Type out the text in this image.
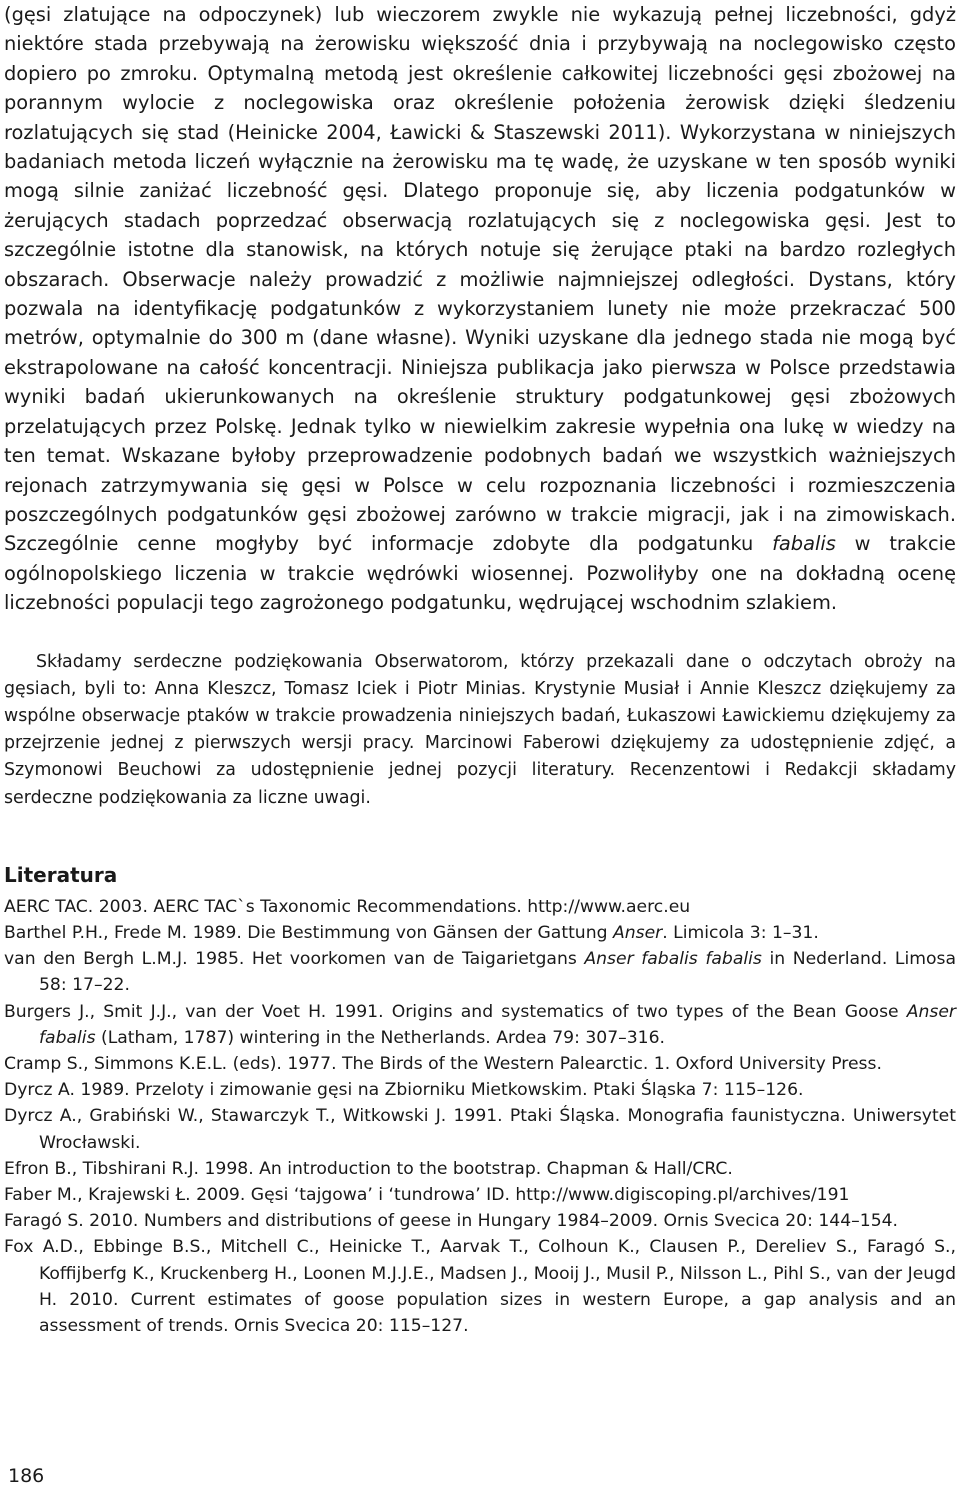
(gęsi zlatujące na odpoczynek) lub wieczorem zwykle nie wykazują pełnej liczebności, gdyż niektóre stada przebywają na żerowisku większość dnia i przybywają na noclegowisko często dopiero po zmroku. Optymalną metodą jest określenie całkowitej liczebności gęsi zbożowej na porannym wylocie z noclegowiska oraz określenie położenia żerowisk dzięki śledzeniu rozlatujących się stad (Heinicke 2004, Ławicki & Staszewski 2011). Wykorzystana w niniejszych badaniach metoda liczeń wyłącznie na żerowisku ma tę wadę, że uzyskane w ten sposób wyniki mogą silnie zaniżać liczebność gęsi. Dlatego proponuje się, aby liczenia podgatunków w żerujących stadach poprzedzać obserwacją rozlatujących się z noclegowiska gęsi. Jest to szczególnie istotne dla stanowisk, na których notuje się żerujące ptaki na bardzo rozległych obszarach. Obserwacje należy prowadzić z możliwie najmniejszej odległości. Dystans, który pozwala na identyfikację podgatunków z wykorzystaniem lunety nie może przekraczać 500 metrów, optymalnie do 300 m (dane własne). Wyniki uzyskane dla jednego stada nie mogą być ekstrapolowane na całość koncentracji. Niniejsza publikacja jako pierwsza w Polsce przedstawia wyniki badań ukierunkowanych na określenie struktury podgatunkowej gęsi zbożowych przelatujących przez Polskę. Jednak tylko w niewielkim zakresie wypełnia ona lukę w wiedzy na ten temat. Wskazane byłoby przeprowadzenie podobnych badań we wszystkich ważniejszych rejonach zatrzymywania się gęsi w Polsce w celu rozpoznania liczebności i rozmieszczenia poszczególnych podgatunków gęsi zbożowej zarówno w trakcie migracji, jak i na zimowiskach. Szczególnie cenne mogłyby być informacje zdobyte dla podgatunku fabalis w trakcie ogólnopolskiego liczenia w trakcie wędrówki wiosennej. Pozwoliłyby one na dokładną ocenę liczebności populacji tego zagrożonego podgatunku, wędrującej wschodnim szlakiem.

Składamy serdeczne podziękowania Obserwatorom, którzy przekazali dane o odczytach obroży na gęsiach, byli to: Anna Kleszcz, Tomasz Iciek i Piotr Minias. Krystynie Musiał i Annie Kleszcz dziękujemy za wspólne obserwacje ptaków w trakcie prowadzenia niniejszych badań, Łukaszowi Ławickiemu dziękujemy za przejrzenie jednej z pierwszych wersji pracy. Marcinowi Faberowi dziękujemy za udostępnienie zdjęć, a Szymonowi Beuchowi za udostępnienie jednej pozycji literatury. Recenzentowi i Redakcji składamy serdeczne podziękowania za liczne uwagi.

Literatura
AERC TAC. 2003. AERC TAC`s Taxonomic Recommendations. http://www.aerc.eu
Barthel P.H., Frede M. 1989. Die Bestimmung von Gänsen der Gattung Anser. Limicola 3: 1–31.
van den Bergh L.M.J. 1985. Het voorkomen van de Taigarietgans Anser fabalis fabalis in Nederland. Limosa 58: 17–22.
Burgers J., Smit J.J., van der Voet H. 1991. Origins and systematics of two types of the Bean Goose Anser fabalis (Latham, 1787) wintering in the Netherlands. Ardea 79: 307–316.
Cramp S., Simmons K.E.L. (eds). 1977. The Birds of the Western Palearctic. 1. Oxford University Press.
Dyrcz A. 1989. Przeloty i zimowanie gęsi na Zbiorniku Mietkowskim. Ptaki Śląska 7: 115–126.
Dyrcz A., Grabiński W., Stawarczyk T., Witkowski J. 1991. Ptaki Śląska. Monografia faunistyczna. Uniwersytet Wrocławski.
Efron B., Tibshirani R.J. 1998. An introduction to the bootstrap. Chapman & Hall/CRC.
Faber M., Krajewski Ł. 2009. Gęsi ‘tajgowa’ i ‘tundrowa’ ID. http://www.digiscoping.pl/archives/191
Faragó S. 2010. Numbers and distributions of geese in Hungary 1984–2009. Ornis Svecica 20: 144–154.
Fox A.D., Ebbinge B.S., Mitchell C., Heinicke T., Aarvak T., Colhoun K., Clausen P., Dereliev S., Faragó S., Koffijberfg K., Kruckenberg H., Loonen M.J.J.E., Madsen J., Mooij J., Musil P., Nilsson L., Pihl S., van der Jeugd H. 2010. Current estimates of goose population sizes in western Europe, a gap analysis and an assessment of trends. Ornis Svecica 20: 115–127.
186
